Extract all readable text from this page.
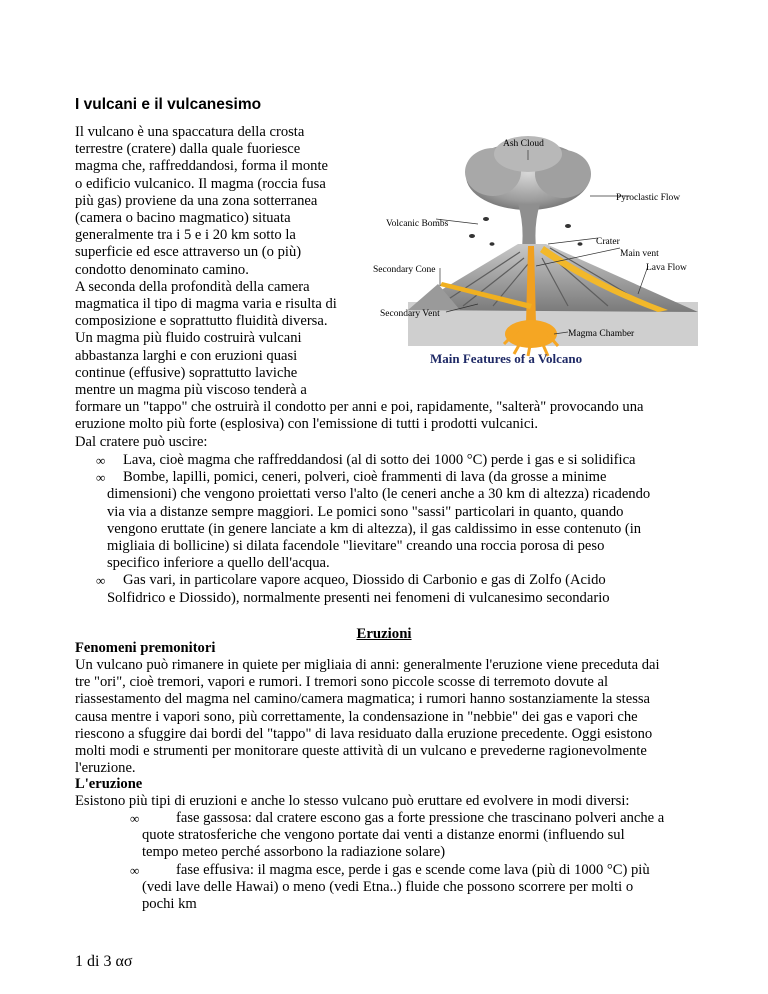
I vulcani e il vulcanesimo
Il vulcano è una spaccatura della crosta
terrestre (cratere) dalla quale fuoriesce
magma che, raffreddandosi, forma il monte
o edificio vulcanico. Il magma (roccia fusa
più gas) proviene da una zona sotterranea
(camera o bacino magmatico) situata
generalmente tra i 5 e i 20 km sotto la
superficie ed esce attraverso un (o più)
condotto denominato camino.
A seconda della profondità della camera
magmatica il tipo di magma varia e risulta di
composizione e soprattutto fluidità diversa.
Un magma più fluido costruirà vulcani
abbastanza larghi e con eruzioni quasi
continue (effusive) soprattutto laviche
mentre un magma più viscoso tenderà a
formare un "tappo" che ostruirà il condotto per anni e poi, rapidamente, "salterà" provocando una
eruzione molto più forte (esplosiva) con l'emissione di tutti i prodotti vulcanici.
Dal cratere può uscire:
∞ Lava, cioè magma che raffreddandosi (al di sotto dei 1000 °C) perde i gas e si solidifica
∞ Bombe, lapilli, pomici, ceneri, polveri, cioè frammenti di lava (da grosse a minime
dimensioni) che vengono proiettati verso l'alto (le ceneri anche a 30 km di altezza) ricadendo
via via a distanze sempre maggiori. Le pomici sono "sassi" particolari in quanto, quando
vengono eruttate (in genere lanciate a km di altezza), il gas caldissimo in esse contenuto (in
migliaia di bollicine) si dilata facendole "lievitare" creando una roccia porosa di peso
specifico inferiore a quello dell'acqua.
∞ Gas vari, in particolare vapore acqueo, Diossido di Carbonio e gas di Zolfo (Acido
Solfidrico e Diossido), normalmente presenti nei fenomeni di vulcanesimo secondario
Eruzioni
Fenomeni premonitori
Un vulcano può rimanere in quiete per migliaia di anni: generalmente l'eruzione viene preceduta dai
tre "ori", cioè tremori, vapori e rumori. I tremori sono piccole scosse di terremoto dovute al
riassestamento del magma nel camino/camera magmatica; i rumori hanno sostanziamente la stessa
causa mentre i vapori sono, più correttamente, la condensazione in "nebbie" dei gas e vapori che
riescono a sfuggire dai bordi del "tappo" di lava residuato dalla eruzione precedente. Oggi esistono
molti modi e strumenti per monitorare queste attività di un vulcano e prevederne ragionevolmente
l'eruzione.
L'eruzione
Esistono più tipi di eruzioni e anche lo stesso vulcano può eruttare ed evolvere in modi diversi:
∞	fase gassosa: dal cratere escono gas a forte pressione che trascinano polveri anche a
quote stratosferiche che vengono portate dai venti a distanze enormi (influendo sul
tempo meteo perché assorbono la radiazione solare)
∞	fase effusiva: il magma esce, perde i gas e scende come lava (più di 1000 °C) più
(vedi lave delle Hawai) o meno (vedi Etna..) fluide che possono scorrere per molti o
pochi km
Ash Cloud
Pyroclastic Flow
Volcanic Bombs
Crater
Main vent
Secondary Cone	Lava Flow
Secondary Vent
Magma Chamber
Main Features of a Volcano
1 di 3 ασ
